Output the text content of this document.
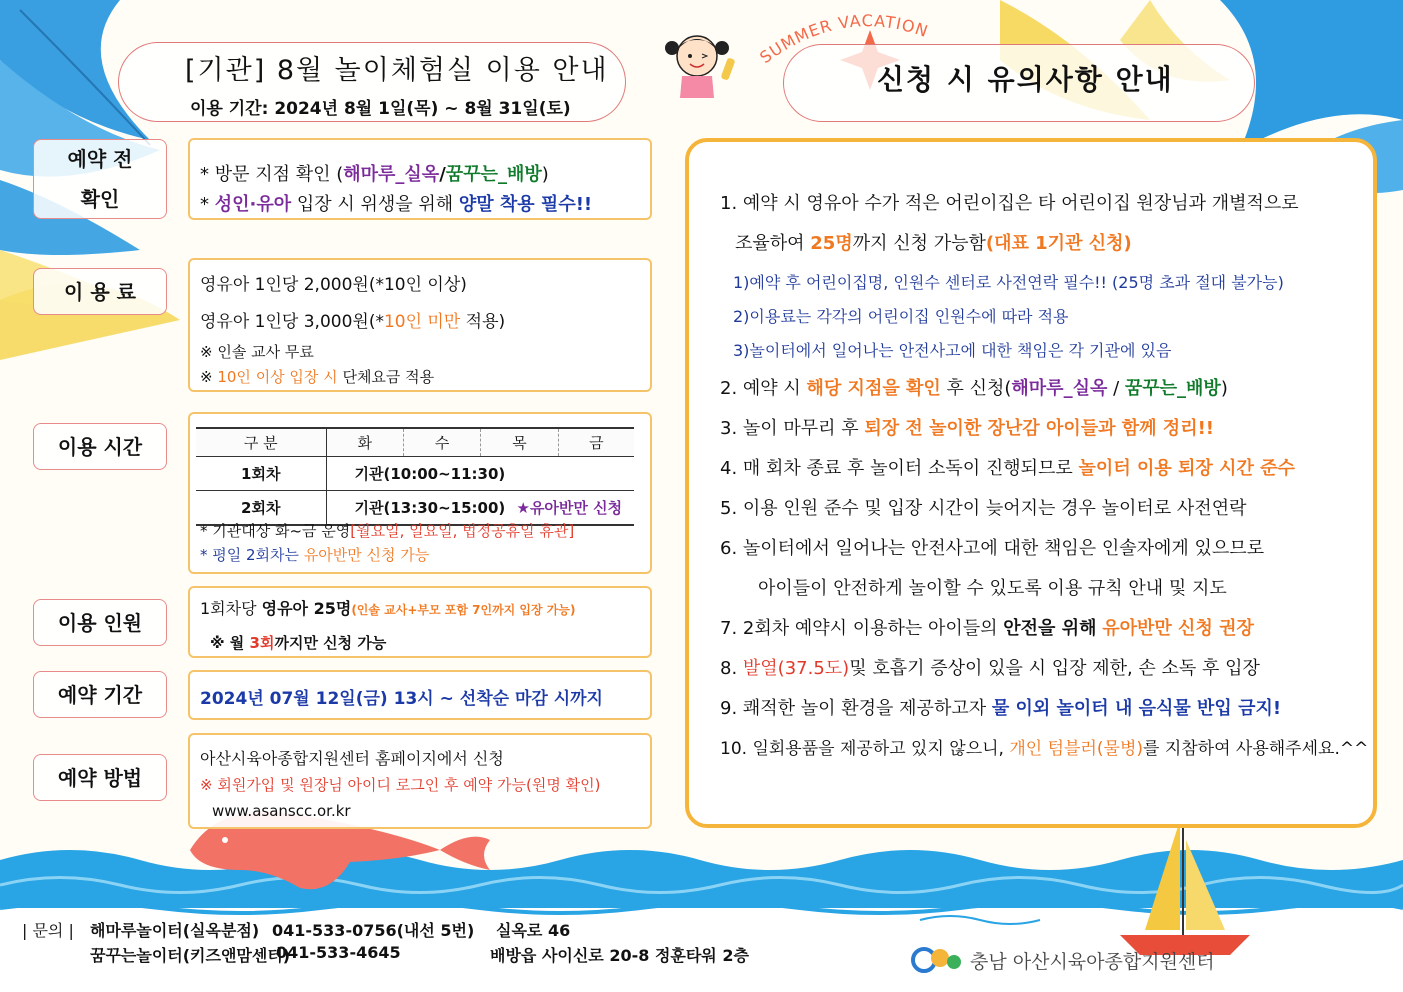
SUMMER VACATION
[기관] 8월 놀이체험실 이용 안내
이용 기간: 2024년 8월 1일(목) ~ 8월 31일(토)
신청 시 유의사항 안내
예약 전
확인
이 용 료
이용 시간
이용 인원
예약 기간
예약 방법
* 방문 지점 확인 (해마루_실옥/꿈꾸는_배방)
* 성인·유아 입장 시 위생을 위해 양말 착용 필수!!
영유아 1인당 2,000원(*10인 이상)
영유아 1인당 3,000원(*10인 미만 적용)
※ 인솔 교사 무료
※ 10인 이상 입장 시 단체요금 적용
구 분	화	수	목	금
1회차	기관(10:00~11:30)			
2회차	기관(13:30~15:00) ★유아반만 신청			
* 기관대상 화~금 운영[월요일, 일요일, 법정공휴일 휴관]
* 평일 2회차는 유아반만 신청 가능
1회차당 영유아 25명(인솔 교사+부모 포함 7인까지 입장 가능)
※ 월 3회까지만 신청 가능
2024년 07월 12일(금) 13시 ~ 선착순 마감 시까지
아산시육아종합지원센터 홈페이지에서 신청
※ 회원가입 및 원장님 아이디 로그인 후 예약 가능(원명 확인)
www.asanscc.or.kr
1. 예약 시 영유아 수가 적은 어린이집은 타 어린이집 원장님과 개별적으로
조율하여 25명까지 신청 가능함(대표 1기관 신청)
1)예약 후 어린이집명, 인원수 센터로 사전연락 필수!! (25명 초과 절대 불가능)
2)이용료는 각각의 어린이집 인원수에 따라 적용
3)놀이터에서 일어나는 안전사고에 대한 책임은 각 기관에 있음
2. 예약 시 해당 지점을 확인 후 신청(해마루_실옥 / 꿈꾸는_배방)
3. 놀이 마무리 후 퇴장 전 놀이한 장난감 아이들과 함께 정리!!
4. 매 회차 종료 후 놀이터 소독이 진행되므로 놀이터 이용 퇴장 시간 준수
5. 이용 인원 준수 및 입장 시간이 늦어지는 경우 놀이터로 사전연락
6. 놀이터에서 일어나는 안전사고에 대한 책임은 인솔자에게 있으므로
아이들이 안전하게 놀이할 수 있도록 이용 규칙 안내 및 지도
7. 2회차 예약시 이용하는 아이들의 안전을 위해 유아반만 신청 권장
8. 발열(37.5도)및 호흡기 증상이 있을 시 입장 제한, 손 소독 후 입장
9. 쾌적한 놀이 환경을 제공하고자 물 이외 놀이터 내 음식물 반입 금지!
10. 일회용품을 제공하고 있지 않으니, 개인 텀블러(물병)를 지참하여 사용해주세요.^^
| 문의 | 해마루놀이터(실옥분점) 041-533-0756(내선 5번) 실옥로 46
꿈꾸는놀이터(키즈앤맘센터)
041-533-4645	배방읍 사이신로 20-8 정훈타워 2층	충남 아산시육아종합지원센터
